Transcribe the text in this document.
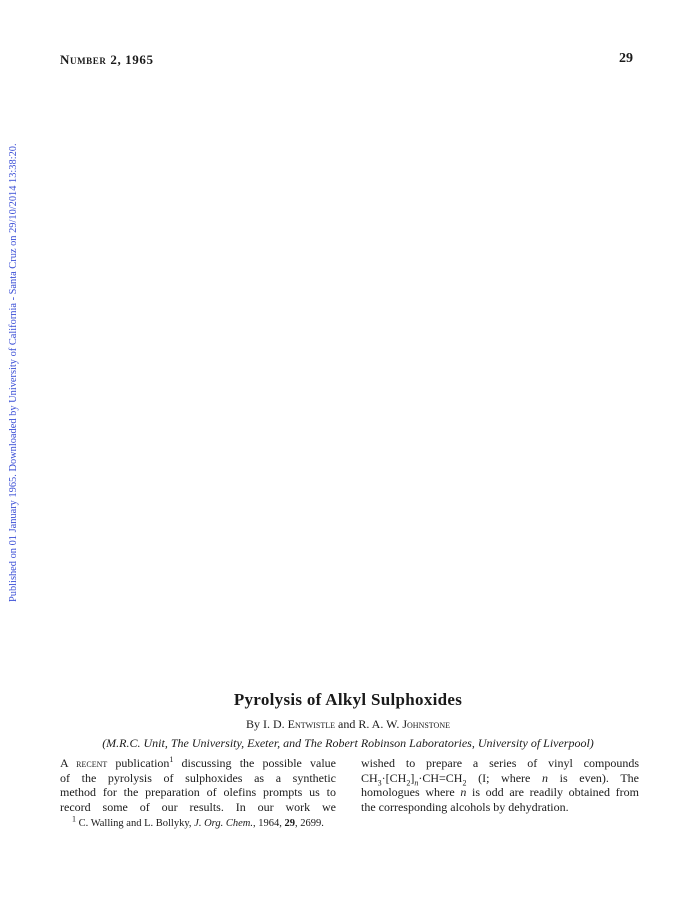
Number 2, 1965	29
Published on 01 January 1965. Downloaded by University of California - Santa Cruz on 29/10/2014 13:38:20.
Pyrolysis of Alkyl Sulphoxides
By I. D. Entwistle and R. A. W. Johnstone
(M.R.C. Unit, The University, Exeter, and The Robert Robinson Laboratories, University of Liverpool)
A recent publication$^1$ discussing the possible value
of the pyrolysis of sulphoxides as a synthetic
method for the preparation of olefins prompts us to
record some of our results. In our work we
wished to prepare a series of vinyl compounds
$CH_3\cdot[CH_2]_n\cdot CH=CH_2$ (I; where n is even). The
homologues where n is odd are readily obtained from
the corresponding alcohols by dehydration.
$^1$ C. Walling and L. Bollyky, J. Org. Chem., 1964, 29, 2699.
